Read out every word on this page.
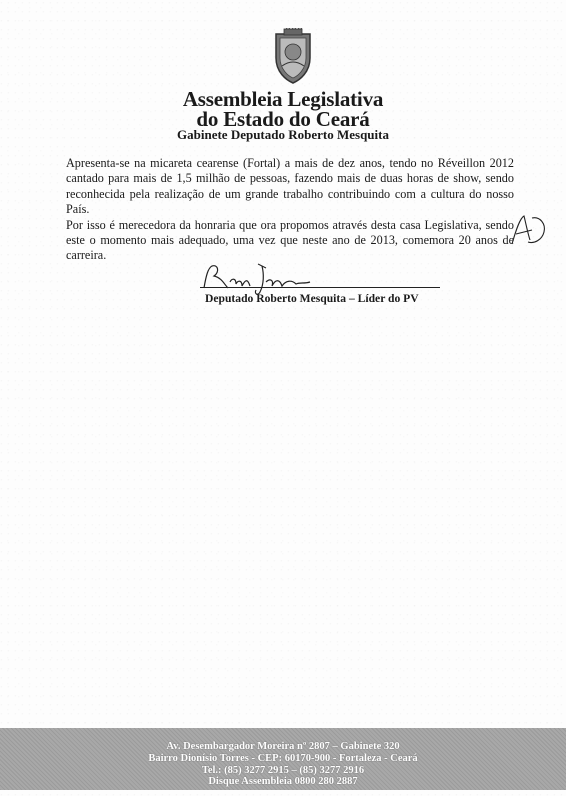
Assembleia Legislativa
do Estado do Ceará
Gabinete Deputado Roberto Mesquita

Apresenta-se na micareta cearense (Fortal) a mais de dez anos, tendo no Réveillon 2012 cantado para mais de 1,5 milhão de pessoas, fazendo mais de duas horas de show, sendo reconhecida pela realização de um grande trabalho contribuindo com a cultura do nosso País.

Por isso é merecedora da honraria que ora propomos através desta casa Legislativa, sendo este o momento mais adequado, uma vez que neste ano de 2013, comemora 20 anos de carreira.

Deputado Roberto Mesquita – Líder do PV
Av. Desembargador Moreira nº 2807 – Gabinete 320
Bairro Dionísio Torres - CEP: 60170-900 - Fortaleza - Ceará
Tel.: (85) 3277 2915 – (85) 3277 2916
Disque Assembleia 0800 280 2887
